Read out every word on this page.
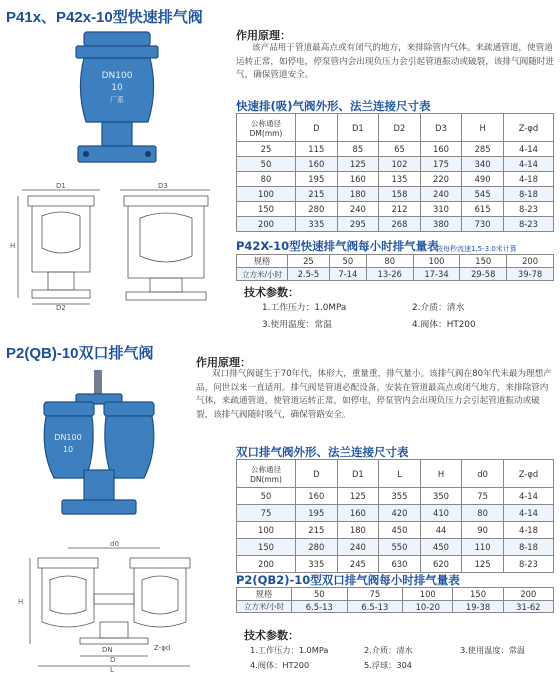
P41x、P42x-10型快速排气阀
DN100
10
厂系
D1
H
D2
D3
作用原理：
该产品用于管道最高点或有闭气的地方，来排除管内气体。来疏通管道，使管道运转正常，如停电，停泵管内会出现负压力会引起管道振动或破裂，该排气阀随时进气，确保管道安全。
快速排(吸)气阀外形、法兰连接尺寸表
公称通径 DM(mm)	D	D1	D2	D3	H	Z-φd
25	115	85	65	160	285	4-14
50	160	125	102	175	340	4-14
80	195	160	135	220	490	4-18
100	215	180	158	240	545	8-18
150	280	240	212	310	615	8-23
200	335	295	268	380	730	8-23
P42X-10型快速排气阀每小时排气量表
按每秒流速1.5-3.0米计算
规格	25	50	80	100	150	200
立方米/小时	2.5-5	7-14	13-26	17-34	29-58	39-78
技术参数：
1.工作压力：1.0MPa	2.介质：清水
3.使用温度：常温	4.阀体：HT200
P2(QB)-10双口排气阀
DN100
10
d0
H
DN
D
L
Z-φd
作用原理：
双口排气阀诞生于70年代，体形大，重量重，排气量小。该排气阀在80年代未最为理想产品，问世以来一直适用。排气阀是管道必配设备，安装在管道最高点或闭气地方，来排除管内气体，来疏通管道，使管道运转正常，如停电，停泵管内会出现负压力会引起管道振动或破裂，该排气阀随时吸气，确保管路安全。
双口排气阀外形、法兰连接尺寸表
公称通径 DN(mm)	D	D1	L	H	d0	Z-φd
50	160	125	355	350	75	4-14
75	195	160	420	410	80	4-14
100	215	180	450	44	90	4-18
150	280	240	550	450	110	8-18
200	335	245	630	620	125	8-23
P2(QB2)-10型双口排气阀每小时排气量表
规格	50	75	100	150	200
立方米/小时	6.5-13	6.5-13	10-20	19-38	31-62
技术参数：
1.工作压力：1.0MPa	2.介质：清水	3.使用温度：常温
4.阀体：HT200	5.浮球：304
